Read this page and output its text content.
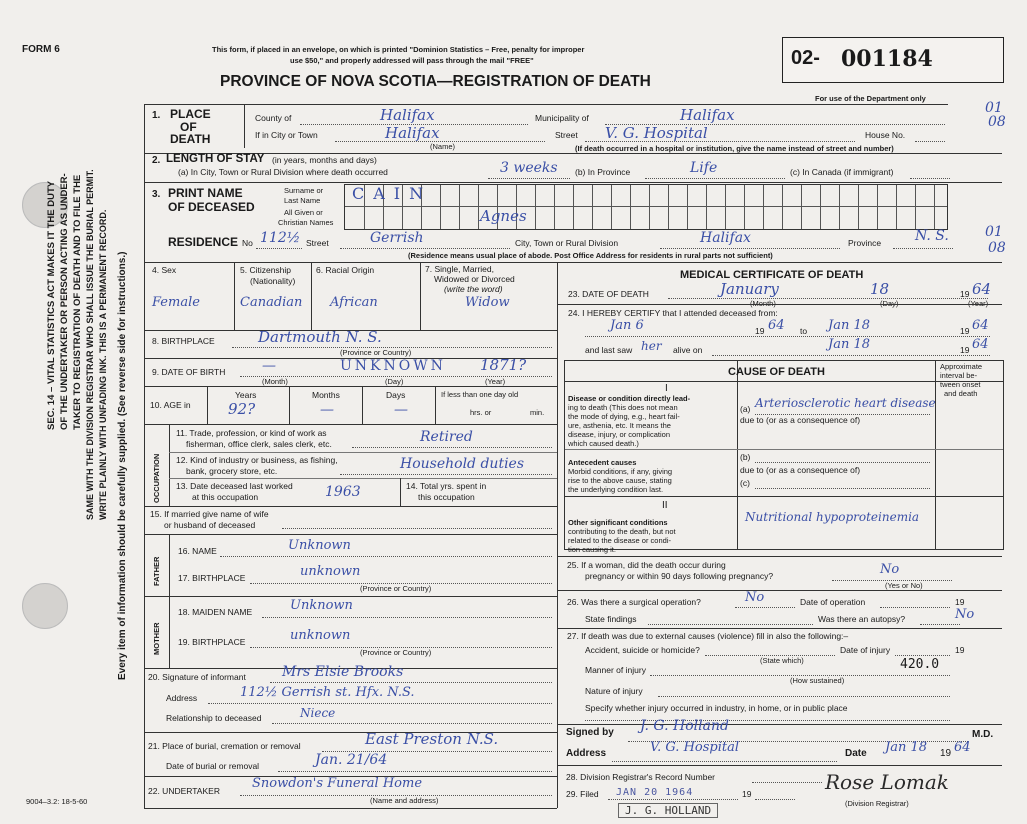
FORM 6	This form, if placed in an envelope, on which is printed "Dominion Statistics – Free, penalty for improper
use $50," and properly addressed will pass through the mail "FREE"
PROVINCE OF NOVA SCOTIA—REGISTRATION OF DEATH
02- 001184
For use of the Department only
01
08
01
08
SEC. 14 – VITAL STATISTICS ACT MAKES IT THE DUTY OF THE UNDERTAKER OR PERSON ACTING AS UNDER- TAKER TO REGISTRATION OF DEATH AND TO FILE THE SAME WITH THE DIVISION REGISTRAR WHO SHALL ISSUE THE BURIAL PERMIT. WRITE PLAINLY WITH UNFADING INK. THIS IS A PERMANENT RECORD. Every item of information should be carefully supplied. (See reverse side for instructions.)
1. PLACE
OF
DEATH
County of	Halifax	Municipality of	Halifax
If in City or Town	Halifax
(Name)
Street V. G. Hospital	House No.
(If death occurred in a hospital or institution, give the name instead of street and number)
2. LENGTH OF STAY (in years, months and days)
(a) In City, Town or Rural Division where death occurred	3 weeks (b) In Province	Life	(c) In Canada (if immigrant)
3. PRINT NAME
OF DECEASED
Surname or
Last Name
All Given or
Christian Names
CAIN
Agnes
RESIDENCE No 112½ Street	Gerrish	City, Town or Rural Division	Halifax	Province N. S.
(Residence means usual place of abode. Post Office Address for residents in rural parts not sufficient)
4. Sex
Female
5. Citizenship
(Nationality)
Canadian
6. Racial Origin
African
7. Single, Married,
Widowed or Divorced
(write the word)
Widow
8. BIRTHPLACE	Dartmouth N. S.
(Province or Country)
9. DATE OF BIRTH	—	UNKNOWN 1871?
(Month)	(Day)	(Year)
10. AGE in
Years
92?
Months
—
Days
—
If less than one day old
hrs. or	min.
OCCUPATION
11. Trade, profession, or kind of work as
fisherman, office clerk, sales clerk, etc.	Retired
12. Kind of industry or business, as fishing,
bank, grocery store, etc.	Household duties
13. Date deceased last worked
at this occupation	1963	14. Total yrs. spent in
this occupation
15. If married give name of wife
or husband of deceased
FATHER
16. NAME	Unknown
17. BIRTHPLACE	unknown
(Province or Country)
MOTHER
18. MAIDEN NAME	Unknown
19. BIRTHPLACE	unknown
(Province or Country)
20. Signature of informant	Mrs Elsie Brooks
Address	112½ Gerrish st. Hfx. N.S.
Relationship to deceased	Niece
21. Place of burial, cremation or removal	East Preston N.S.
Date of burial or removal	Jan. 21/64
22. UNDERTAKER Snowdon's Funeral Home
(Name and address)
9004–3.2: 18-5-60
J. G. HOLLAND
MEDICAL CERTIFICATE OF DEATH
23. DATE OF DEATH	January	18	19 64
(Month)	(Day)	(Year)
24. I HEREBY CERTIFY that I attended deceased from:
Jan 6	19 64 to Jan 18	19 64
and last saw her alive on	Jan 18	19 64
CAUSE OF DEATH	Approximate
interval be-
tween onset
and death
I
Disease or condition directly lead-
ing to death (This does not mean
the mode of dying, e.g., heart fail-
ure, asthenia, etc. It means the
disease, injury, or complication
which caused death.)
(a) Arteriosclerotic heart disease
due to (or as a consequence of)
Antecedent causes
Morbid conditions, if any, giving
rise to the above cause, stating
the underlying condition last.
(b)
due to (or as a consequence of)
(c)
II
Other significant conditions
contributing to the death, but not
related to the disease or condi-
tion causing it.
Nutritional hypoproteinemia
25. If a woman, did the death occur during
pregnancy or within 90 days following pregnancy?	No
(Yes or No)
26. Was there a surgical operation?	No	Date of operation	19
State findings	Was there an autopsy?	No
27. If death was due to external causes (violence) fill in also the following:–
Accident, suicide or homicide?
(State which)
Date of injury	19
Manner of injury	420.0
(How sustained)
Nature of injury
Specify whether injury occurred in industry, in home, or in public place
Signed by J. G. Holland
M.D.
Address	V. G. Hospital	Date Jan 18 19 64
28. Division Registrar's Record Number
29. Filed JAN 20 1964	19	Rose Lomak
(Division Registrar)
